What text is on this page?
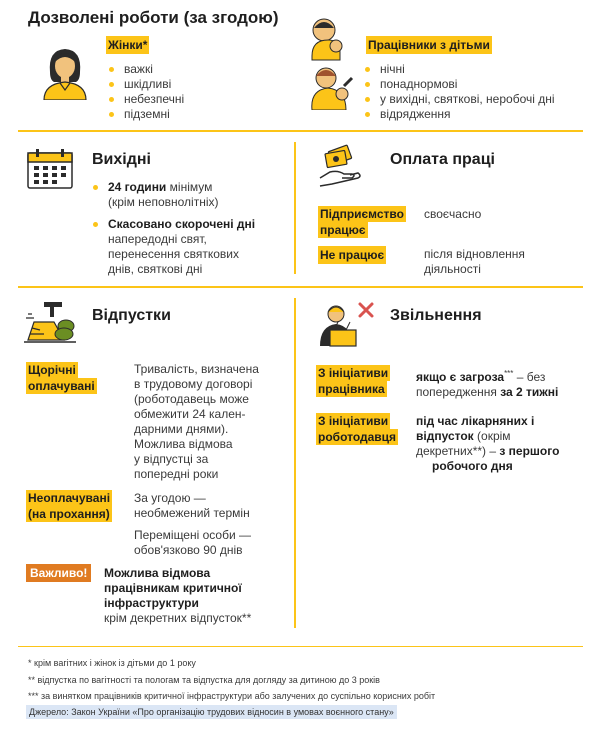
Дозволені роботи (за згодою)
Жінки*
важкі
шкідливі
небезпечні
підземні
Працівники з дітьми
нічні
понаднормові
у вихідні, святкові, неробочі дні
відрядження
Вихідні
24 години мінімум
(крім неповнолітніх)
Скасовано скорочені дні
напередодні свят,
перенесення святкових
днів, святкові дні
Оплата праці
Підприємство
працює
своєчасно
Не працює	після відновлення
діяльності
Відпустки
Щорічні
оплачувані
Тривалість, визначена
в трудовому договорі
(роботодавець може
обмежити 24 кален-
дарними днями).
Можлива відмова
у відпустці за
попередні роки
Неоплачувані
(на прохання)
За угодою —
необмежений термін
Переміщені особи —
обов'язково 90 днів
Важливо!	Можлива відмова
працівникам критичної
інфраструктури
крім декретних відпусток**
Звільнення
З ініціативи
працівника
якщо є загроза*** – без
попередження за 2 тижні
З ініціативи
роботодавця
під час лікарняних і
відпусток (окрім
декретних**) – з першого
робочого дня
* крім вагітних і жінок із дітьми до 1 року
** відпустка по вагітності та пологам та відпустка для догляду за дитиною до 3 років
*** за винятком працівників критичної інфраструктури або залучених до суспільно корисних робіт
Джерело: Закон України «Про організацію трудових відносин в умовах воєнного стану»
